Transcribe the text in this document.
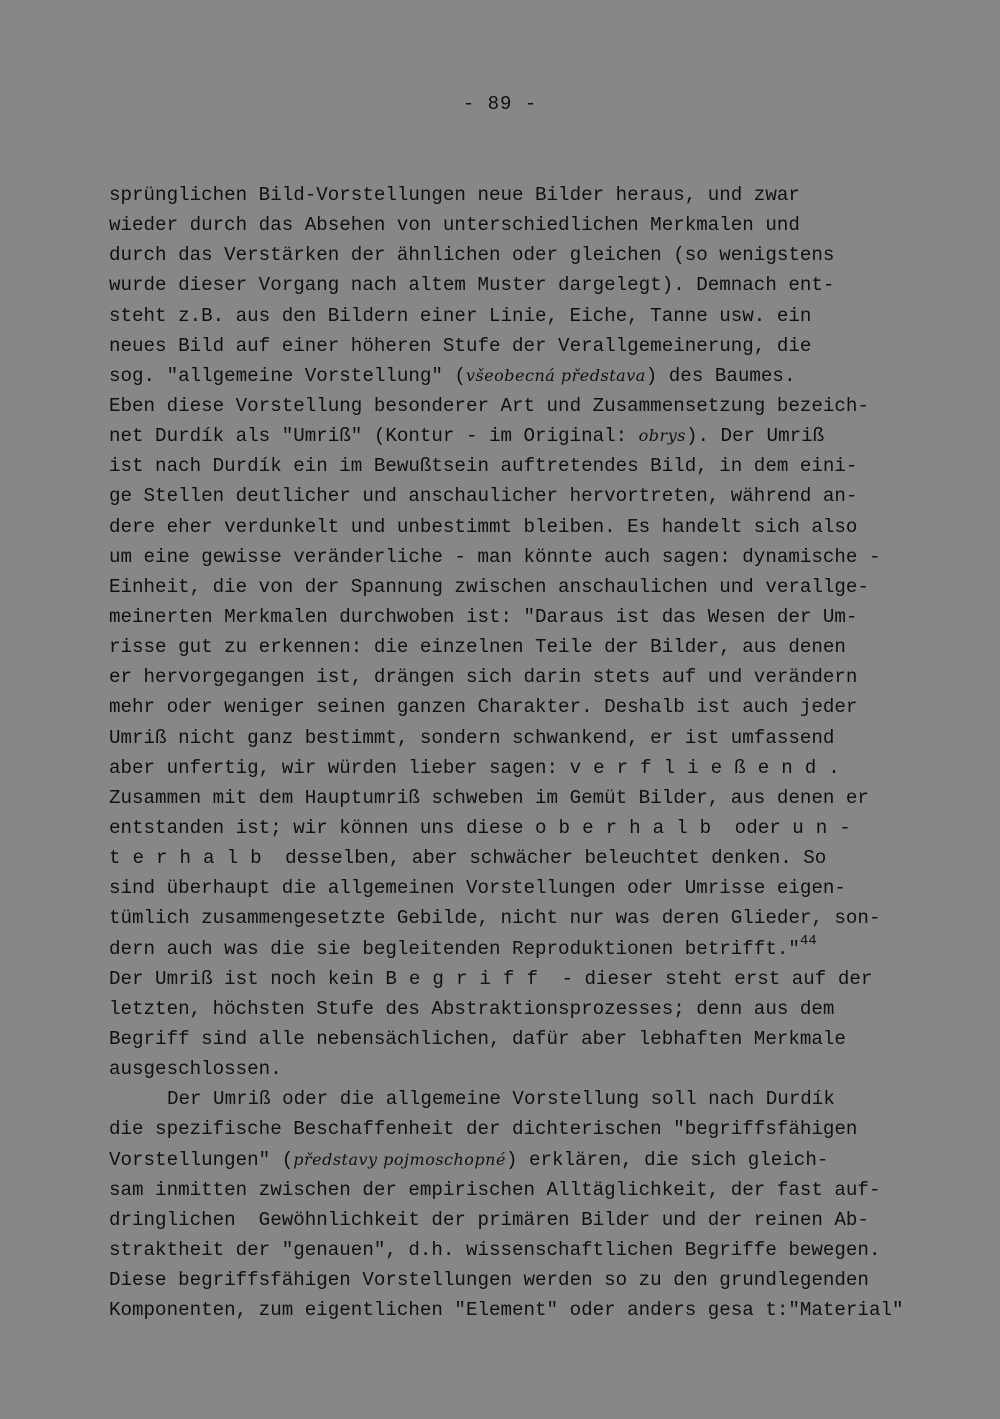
- 89 -
sprünglichen Bild-Vorstellungen neue Bilder heraus, und zwar
wieder durch das Absehen von unterschiedlichen Merkmalen und
durch das Verstärken der ähnlichen oder gleichen (so wenigstens
wurde dieser Vorgang nach altem Muster dargelegt). Demnach ent-
steht z.B. aus den Bildern einer Linie, Eiche, Tanne usw. ein
neues Bild auf einer höheren Stufe der Verallgemeinerung, die
sog. "allgemeine Vorstellung" (všeobecná představa) des Baumes.
Eben diese Vorstellung besonderer Art und Zusammensetzung bezeich-
net Durdík als "Umriß" (Kontur - im Original: obrys). Der Umriß
ist nach Durdík ein im Bewußtsein auftretendes Bild, in dem eini-
ge Stellen deutlicher und anschaulicher hervortreten, während an-
dere eher verdunkelt und unbestimmt bleiben. Es handelt sich also
um eine gewisse veränderliche - man könnte auch sagen: dynamische -
Einheit, die von der Spannung zwischen anschaulichen und verallge-
meinerten Merkmalen durchwoben ist: "Daraus ist das Wesen der Um-
risse gut zu erkennen: die einzelnen Teile der Bilder, aus denen
er hervorgegangen ist, drängen sich darin stets auf und verändern
mehr oder weniger seinen ganzen Charakter. Deshalb ist auch jeder
Umriß nicht ganz bestimmt, sondern schwankend, er ist umfassend
aber unfertig, wir würden lieber sagen: verfließend.
Zusammen mit dem Hauptumriß schweben im Gemüt Bilder, aus denen er
entstanden ist; wir können uns diese oberhalb oder un-
terhalb desselben, aber schwächer beleuchtet denken. So
sind überhaupt die allgemeinen Vorstellungen oder Umrisse eigen-
tümlich zusammengesetzte Gebilde, nicht nur was deren Glieder, son-
dern auch was die sie begleitenden Reproduktionen betrifft."$^{44}$
Der Umriß ist noch kein Begriff - dieser steht erst auf der
letzten, höchsten Stufe des Abstraktionsprozesses; denn aus dem
Begriff sind alle nebensächlichen, dafür aber lebhaften Merkmale
ausgeschlossen.
Der Umriß oder die allgemeine Vorstellung soll nach Durdík
die spezifische Beschaffenheit der dichterischen "begriffsfähigen
Vorstellungen" (představy pojmoschopné) erklären, die sich gleich-
sam inmitten zwischen der empirischen Alltäglichkeit, der fast auf-
dringlichen  Gewöhnlichkeit der primären Bilder und der reinen Ab-
straktheit der "genauen", d.h. wissenschaftlichen Begriffe bewegen.
Diese begriffsfähigen Vorstellungen werden so zu den grundlegenden
Komponenten, zum eigentlichen "Element" oder anders gesa t:"Material"
